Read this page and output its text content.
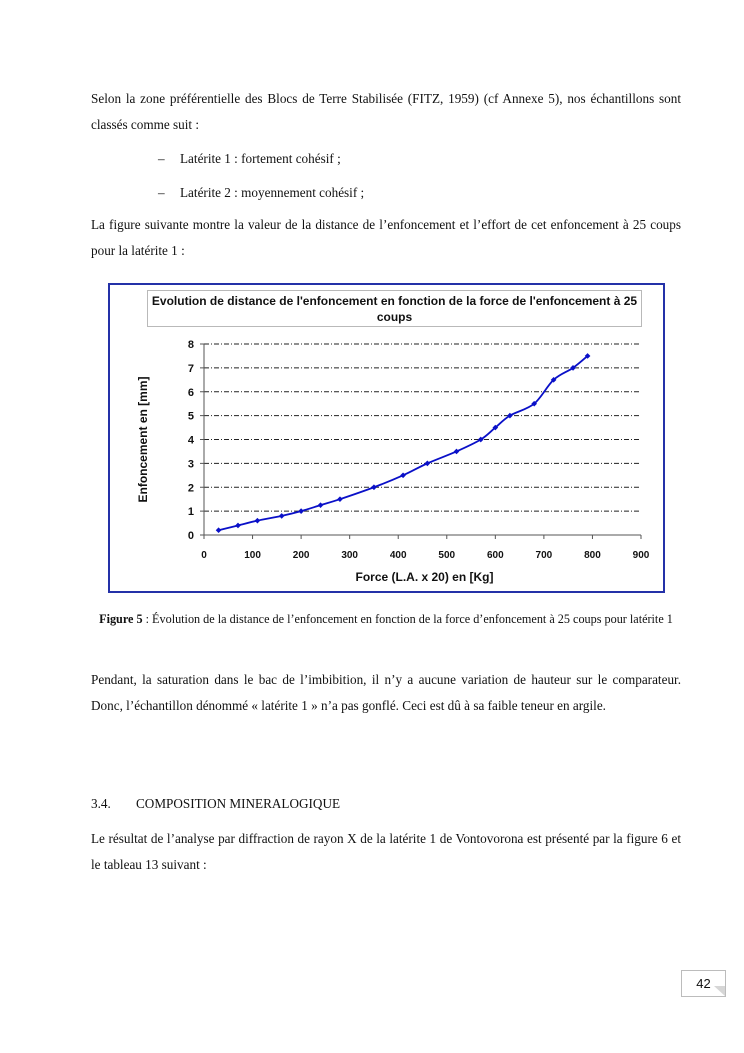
Selon la zone préférentielle des Blocs de Terre Stabilisée (FITZ, 1959) (cf Annexe 5), nos échantillons sont classés comme suit :

– Latérite 1 : fortement cohésif ;
– Latérite 2 : moyennement cohésif ;

La figure suivante montre la valeur de la distance de l’enfoncement et l’effort de cet enfoncement à 25 coups pour la latérite 1 :

Evolution de distance de l'enfoncement en fonction de la force de l'enfoncement à 25 coups
0
1
2
3
4
5
6
7
8
0	100	200	300	400	500	600	700	800	900
Force (L.A. x 20) en [Kg]
Enfoncement en [mm]
Figure 5 : Évolution de la distance de l’enfoncement en fonction de la force d’enfoncement à 25 coups pour latérite 1

Pendant, la saturation dans le bac de l’imbibition, il n’y a aucune variation de hauteur sur le comparateur. Donc, l’échantillon dénommé « latérite 1 » n’a pas gonflé. Ceci est dû à sa faible teneur en argile.

3.4. COMPOSITION MINERALOGIQUE

Le résultat de l’analyse par diffraction de rayon X de la latérite 1 de Vontovorona est présenté par la figure 6 et le tableau 13 suivant :

42
